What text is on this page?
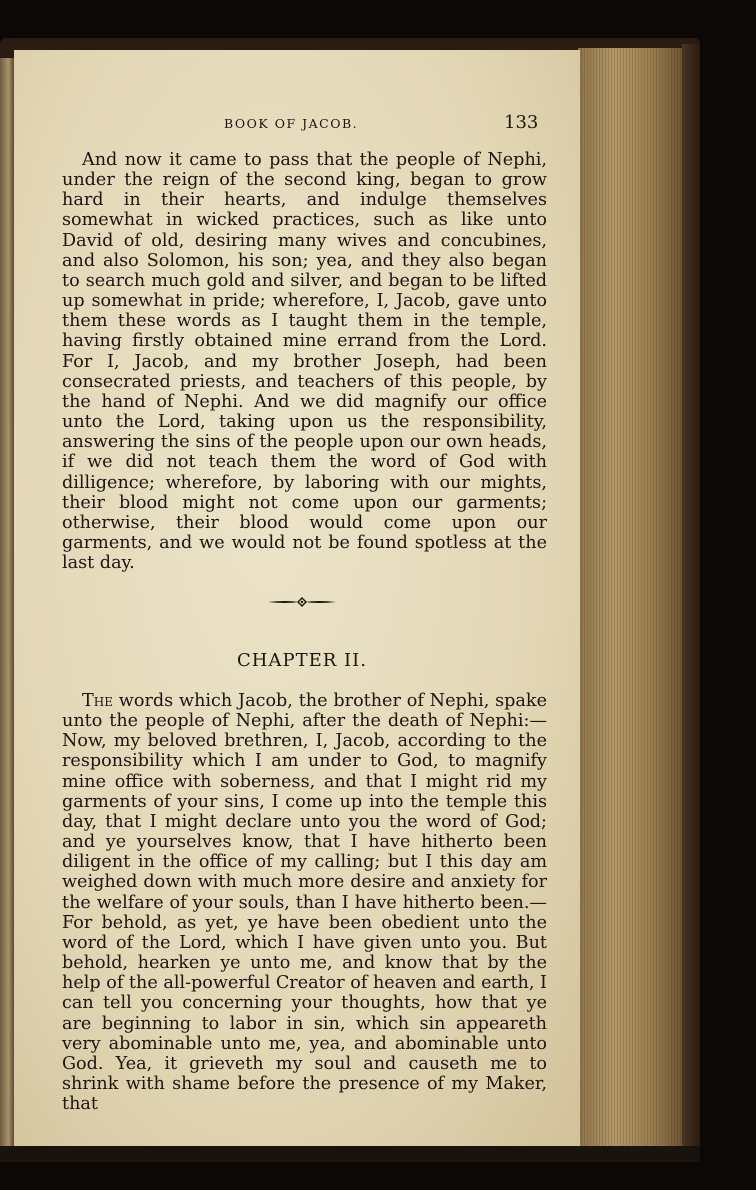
BOOK OF JACOB.	133

And now it came to pass that the people of Nephi, under the reign of the second king, began to grow hard in their hearts, and indulge themselves somewhat in wicked practices, such as like unto David of old, desiring many wives and concubines, and also Solomon, his son; yea, and they also began to search much gold and silver, and began to be lifted up somewhat in pride; wherefore, I, Jacob, gave unto them these words as I taught them in the temple, having firstly obtained mine errand from the Lord. For I, Jacob, and my brother Joseph, had been consecrated priests, and teachers of this people, by the hand of Nephi. And we did magnify our office unto the Lord, taking upon us the responsibility, answering the sins of the people upon our own heads, if we did not teach them the word of God with dilligence; wherefore, by laboring with our mights, their blood might not come upon our garments; otherwise, their blood would come upon our garments, and we would not be found spotless at the last day.

CHAPTER II.

The words which Jacob, the brother of Nephi, spake unto the people of Nephi, after the death of Nephi:— Now, my beloved brethren, I, Jacob, according to the responsibility which I am under to God, to magnify mine office with soberness, and that I might rid my garments of your sins, I come up into the temple this day, that I might declare unto you the word of God; and ye yourselves know, that I have hitherto been diligent in the office of my calling; but I this day am weighed down with much more desire and anxiety for the welfare of your souls, than I have hitherto been.— For behold, as yet, ye have been obedient unto the word of the Lord, which I have given unto you. But behold, hearken ye unto me, and know that by the help of the all-powerful Creator of heaven and earth, I can tell you concerning your thoughts, how that ye are beginning to labor in sin, which sin appeareth very abominable unto me, yea, and abominable unto God. Yea, it grieveth my soul and causeth me to shrink with shame before the presence of my Maker, that
